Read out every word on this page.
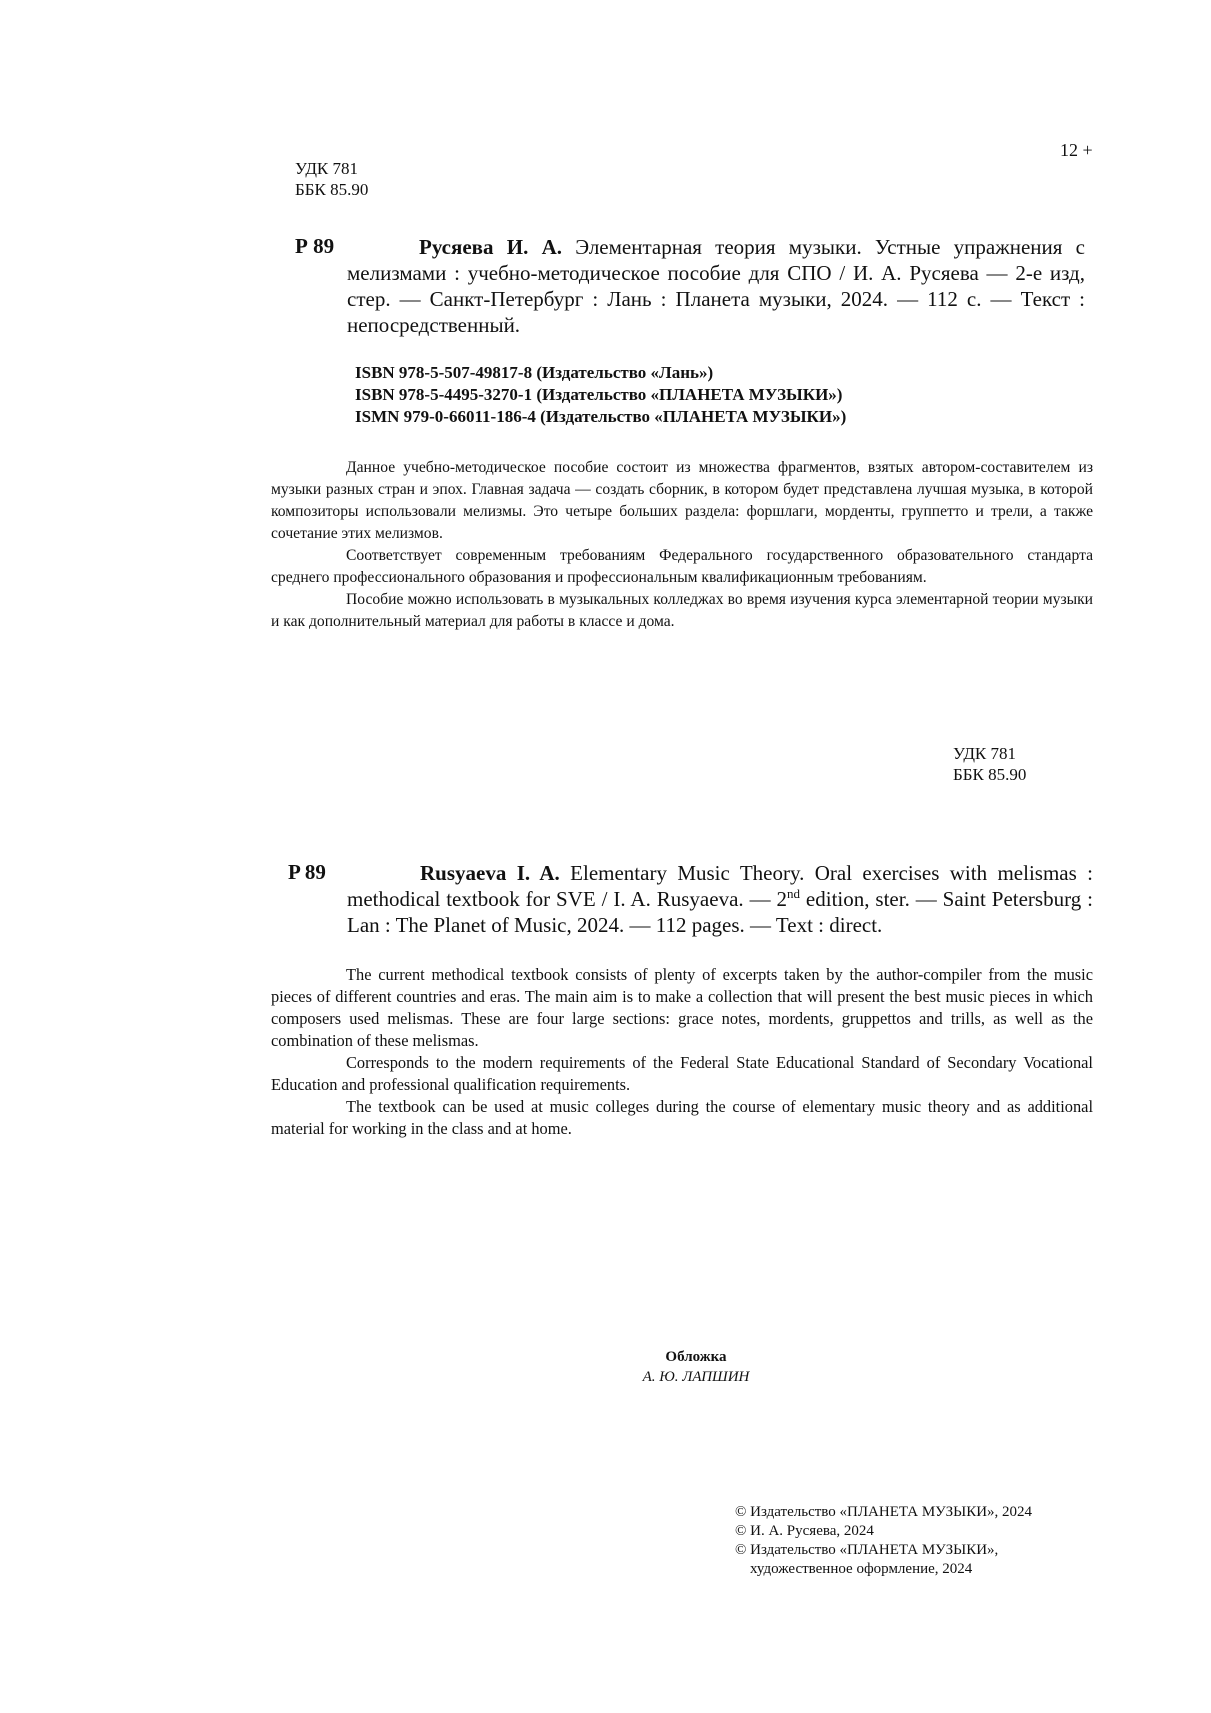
12 +
УДК 781
ББК 85.90
Р 89	Русяева И. А. Элементарная теория музыки. Устные упражнения с мелизмами : учебно-методическое пособие для СПО / И. А. Русяева — 2-е изд, стер. — Санкт-Петербург : Лань : Планета музыки, 2024. — 112 с. — Текст : непосредственный.
ISBN 978-5-507-49817-8 (Издательство «Лань»)
ISBN 978-5-4495-3270-1 (Издательство «ПЛАНЕТА МУЗЫКИ»)
ISMN 979-0-66011-186-4 (Издательство «ПЛАНЕТА МУЗЫКИ»)

Данное учебно-методическое пособие состоит из множества фрагментов, взятых автором-составителем из музыки разных стран и эпох. Главная задача — создать сборник, в котором будет представлена лучшая музыка, в которой композиторы использовали мелизмы. Это четыре больших раздела: форшлаги, морденты, группетто и трели, а также сочетание этих мелизмов.

Соответствует современным требованиям Федерального государственного образовательного стандарта среднего профессионального образования и профессиональным квалификационным требованиям.

Пособие можно использовать в музыкальных колледжах во время изучения курса элементарной теории музыки и как дополнительный материал для работы в классе и дома.

УДК 781
ББК 85.90
P 89	Rusyaeva I. A. Elementary Music Theory. Oral exercises with melismas : methodical textbook for SVE / I. A. Rusyaeva. — 2nd edition, ster. — Saint Petersburg : Lan : The Planet of Music, 2024. — 112 pages. — Text : direct.

The current methodical textbook consists of plenty of excerpts taken by the author-compiler from the music pieces of different countries and eras. The main aim is to make a collection that will present the best music pieces in which composers used melismas. These are four large sections: grace notes, mordents, gruppettos and trills, as well as the combination of these melismas.

Corresponds to the modern requirements of the Federal State Educational Standard of Secondary Vocational Education and professional qualification requirements.

The textbook can be used at music colleges during the course of elementary music theory and as additional material for working in the class and at home.

Обложка
А. Ю. ЛАПШИН
© Издательство «ПЛАНЕТА МУЗЫКИ», 2024
© И. А. Русяева, 2024
© Издательство «ПЛАНЕТА МУЗЫКИ»,
художественное оформление, 2024
